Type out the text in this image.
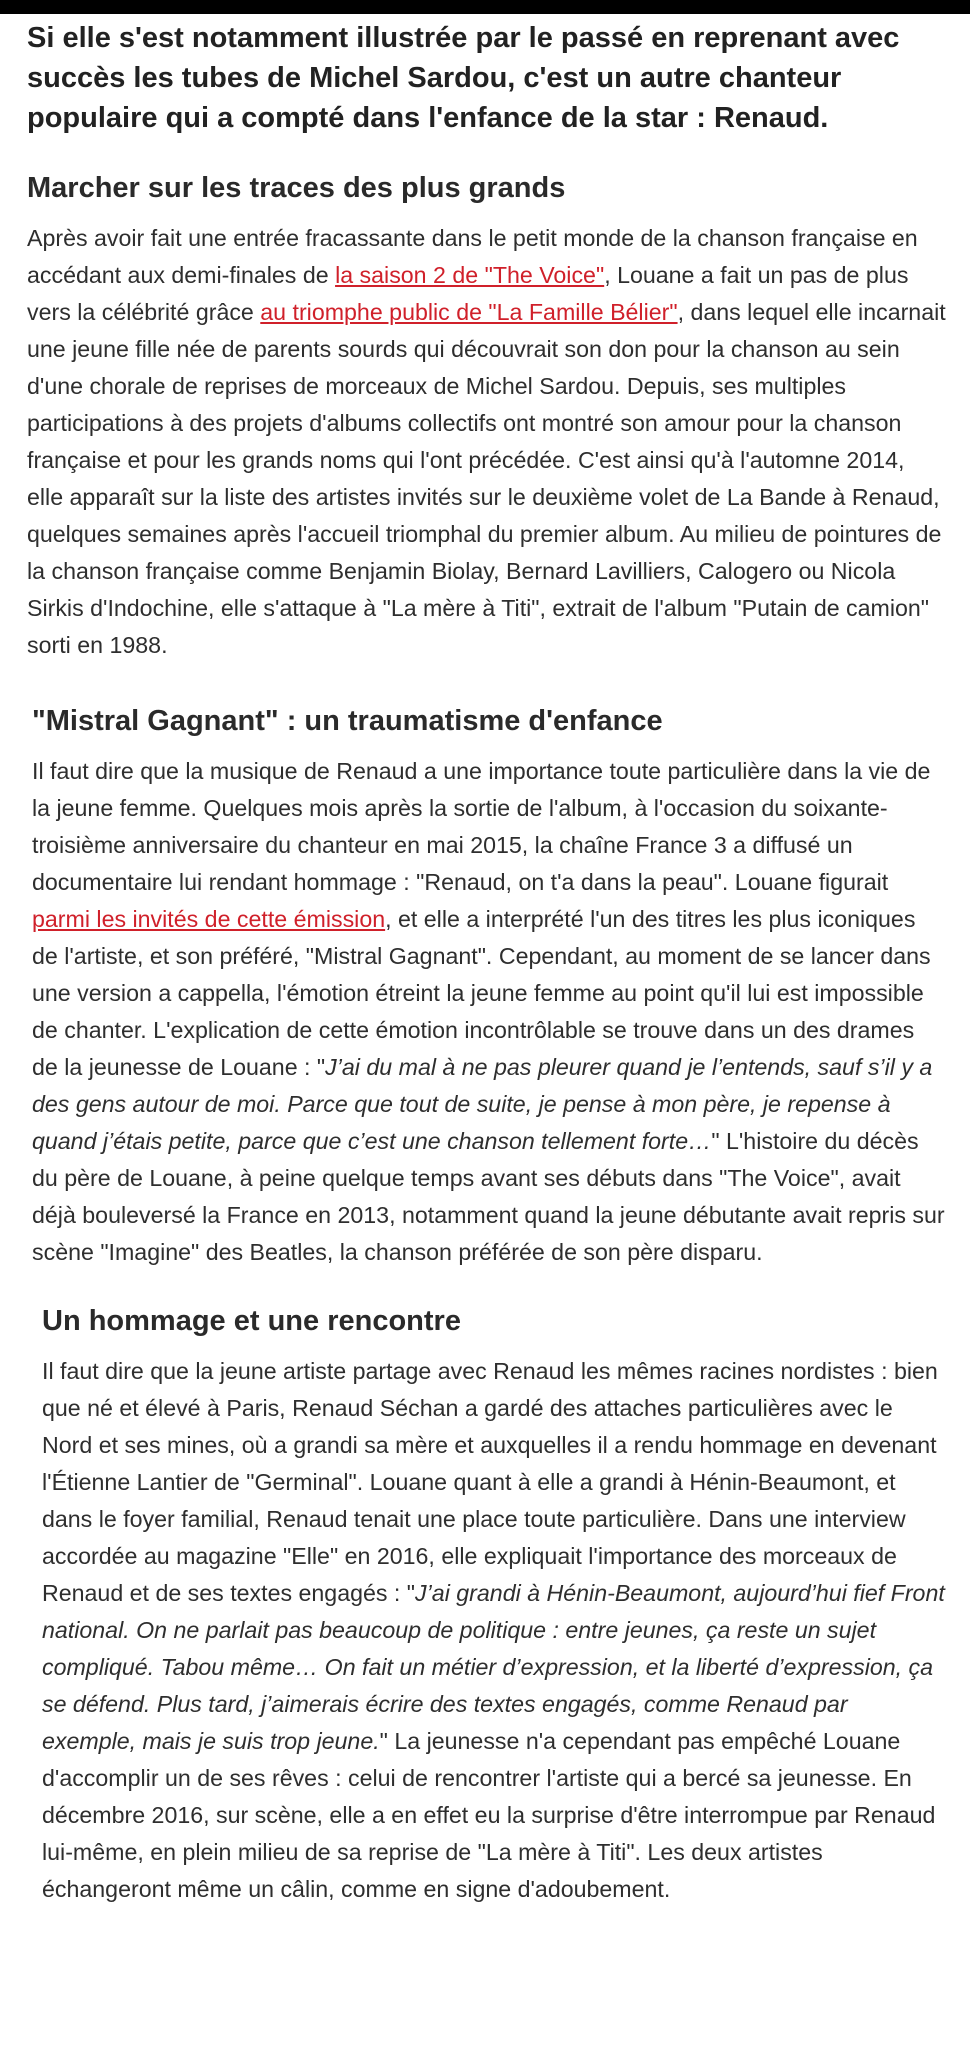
Si elle s'est notamment illustrée par le passé en reprenant avec succès les tubes de Michel Sardou, c'est un autre chanteur populaire qui a compté dans l'enfance de la star : Renaud.
Marcher sur les traces des plus grands

Après avoir fait une entrée fracassante dans le petit monde de la chanson française en accédant aux demi-finales de la saison 2 de "The Voice", Louane a fait un pas de plus vers la célébrité grâce au triomphe public de "La Famille Bélier", dans lequel elle incarnait une jeune fille née de parents sourds qui découvrait son don pour la chanson au sein d'une chorale de reprises de morceaux de Michel Sardou. Depuis, ses multiples participations à des projets d'albums collectifs ont montré son amour pour la chanson française et pour les grands noms qui l'ont précédée. C'est ainsi qu'à l'automne 2014, elle apparaît sur la liste des artistes invités sur le deuxième volet de La Bande à Renaud, quelques semaines après l'accueil triomphal du premier album. Au milieu de pointures de la chanson française comme Benjamin Biolay, Bernard Lavilliers, Calogero ou Nicola Sirkis d'Indochine, elle s'attaque à "La mère à Titi", extrait de l'album "Putain de camion" sorti en 1988.

"Mistral Gagnant" : un traumatisme d'enfance

Il faut dire que la musique de Renaud a une importance toute particulière dans la vie de la jeune femme. Quelques mois après la sortie de l'album, à l'occasion du soixante-troisième anniversaire du chanteur en mai 2015, la chaîne France 3 a diffusé un documentaire lui rendant hommage : "Renaud, on t'a dans la peau". Louane figurait parmi les invités de cette émission, et elle a interprété l'un des titres les plus iconiques de l'artiste, et son préféré, "Mistral Gagnant". Cependant, au moment de se lancer dans une version a cappella, l'émotion étreint la jeune femme au point qu'il lui est impossible de chanter. L'explication de cette émotion incontrôlable se trouve dans un des drames de la jeunesse de Louane : "J’ai du mal à ne pas pleurer quand je l’entends, sauf s’il y a des gens autour de moi. Parce que tout de suite, je pense à mon père, je repense à quand j’étais petite, parce que c’est une chanson tellement forte…" L'histoire du décès du père de Louane, à peine quelque temps avant ses débuts dans "The Voice", avait déjà bouleversé la France en 2013, notamment quand la jeune débutante avait repris sur scène "Imagine" des Beatles, la chanson préférée de son père disparu.

Un hommage et une rencontre

Il faut dire que la jeune artiste partage avec Renaud les mêmes racines nordistes : bien que né et élevé à Paris, Renaud Séchan a gardé des attaches particulières avec le Nord et ses mines, où a grandi sa mère et auxquelles il a rendu hommage en devenant l'Étienne Lantier de "Germinal". Louane quant à elle a grandi à Hénin-Beaumont, et dans le foyer familial, Renaud tenait une place toute particulière. Dans une interview accordée au magazine "Elle" en 2016, elle expliquait l'importance des morceaux de Renaud et de ses textes engagés : "J’ai grandi à Hénin-Beaumont, aujourd’hui fief Front national. On ne parlait pas beaucoup de politique : entre jeunes, ça reste un sujet compliqué. Tabou même… On fait un métier d’expression, et la liberté d’expression, ça se défend. Plus tard, j’aimerais écrire des textes engagés, comme Renaud par exemple, mais je suis trop jeune." La jeunesse n'a cependant pas empêché Louane d'accomplir un de ses rêves : celui de rencontrer l'artiste qui a bercé sa jeunesse. En décembre 2016, sur scène, elle a en effet eu la surprise d'être interrompue par Renaud lui-même, en plein milieu de sa reprise de "La mère à Titi". Les deux artistes échangeront même un câlin, comme en signe d'adoubement.
